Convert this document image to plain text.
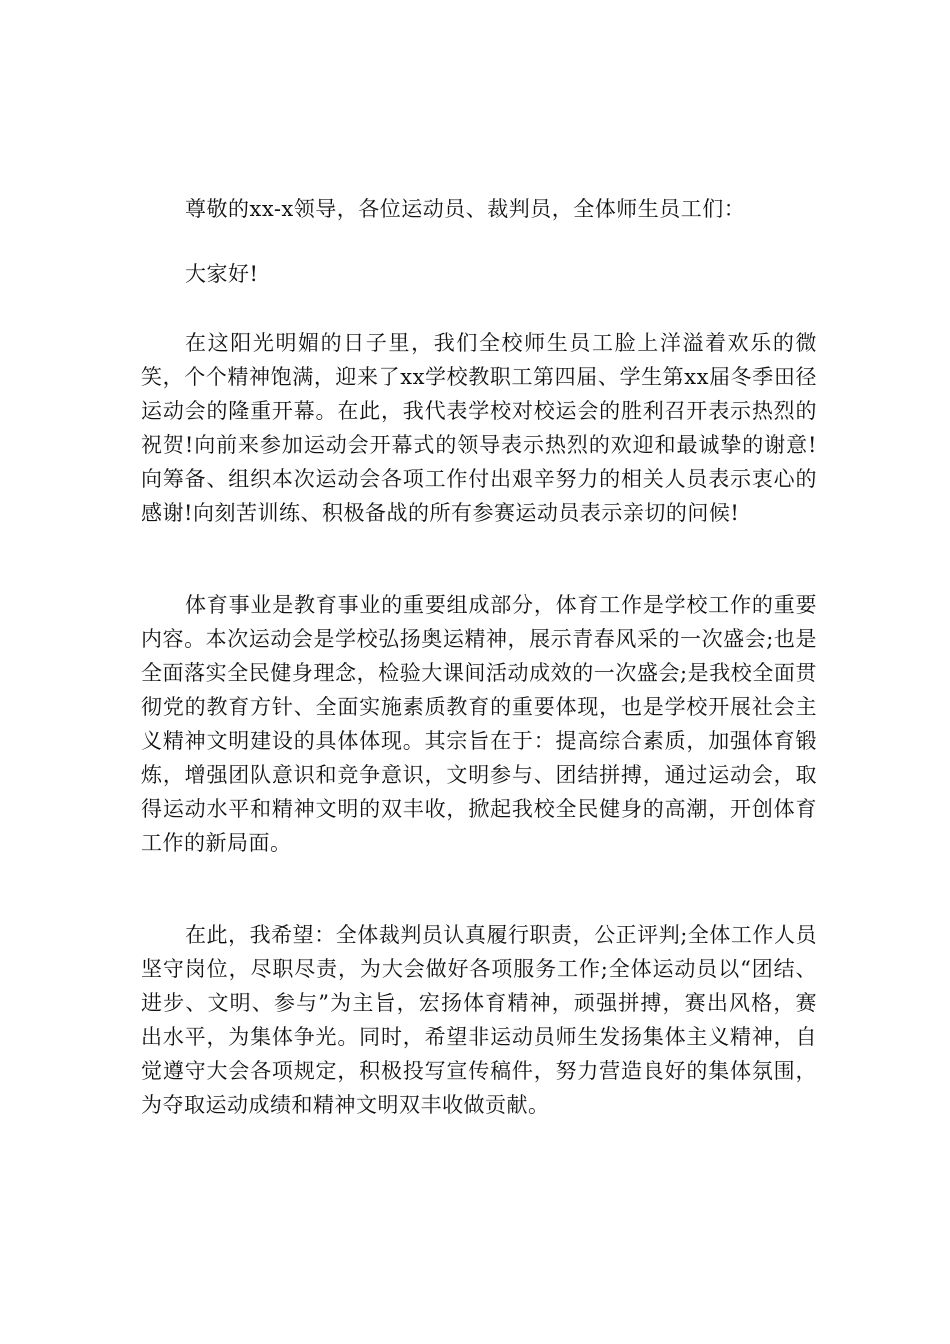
尊敬的xx-x领导，各位运动员、裁判员，全体师生员工们：

大家好!

在这阳光明媚的日子里，我们全校师生员工脸上洋溢着欢乐的微笑，个个精神饱满，迎来了xx学校教职工第四届、学生第xx届冬季田径运动会的隆重开幕。在此，我代表学校对校运会的胜利召开表示热烈的祝贺!向前来参加运动会开幕式的领导表示热烈的欢迎和最诚挚的谢意!向筹备、组织本次运动会各项工作付出艰辛努力的相关人员表示衷心的感谢!向刻苦训练、积极备战的所有参赛运动员表示亲切的问候!

体育事业是教育事业的重要组成部分，体育工作是学校工作的重要内容。本次运动会是学校弘扬奥运精神，展示青春风采的一次盛会;也是全面落实全民健身理念，检验大课间活动成效的一次盛会;是我校全面贯彻党的教育方针、全面实施素质教育的重要体现，也是学校开展社会主义精神文明建设的具体体现。其宗旨在于：提高综合素质，加强体育锻炼，增强团队意识和竞争意识，文明参与、团结拼搏，通过运动会，取得运动水平和精神文明的双丰收，掀起我校全民健身的高潮，开创体育工作的新局面。

在此，我希望：全体裁判员认真履行职责，公正评判;全体工作人员坚守岗位，尽职尽责，为大会做好各项服务工作;全体运动员以“团结、进步、文明、参与”为主旨，宏扬体育精神，顽强拼搏，赛出风格，赛出水平，为集体争光。同时，希望非运动员师生发扬集体主义精神，自觉遵守大会各项规定，积极投写宣传稿件，努力营造良好的集体氛围，为夺取运动成绩和精神文明双丰收做贡献。
